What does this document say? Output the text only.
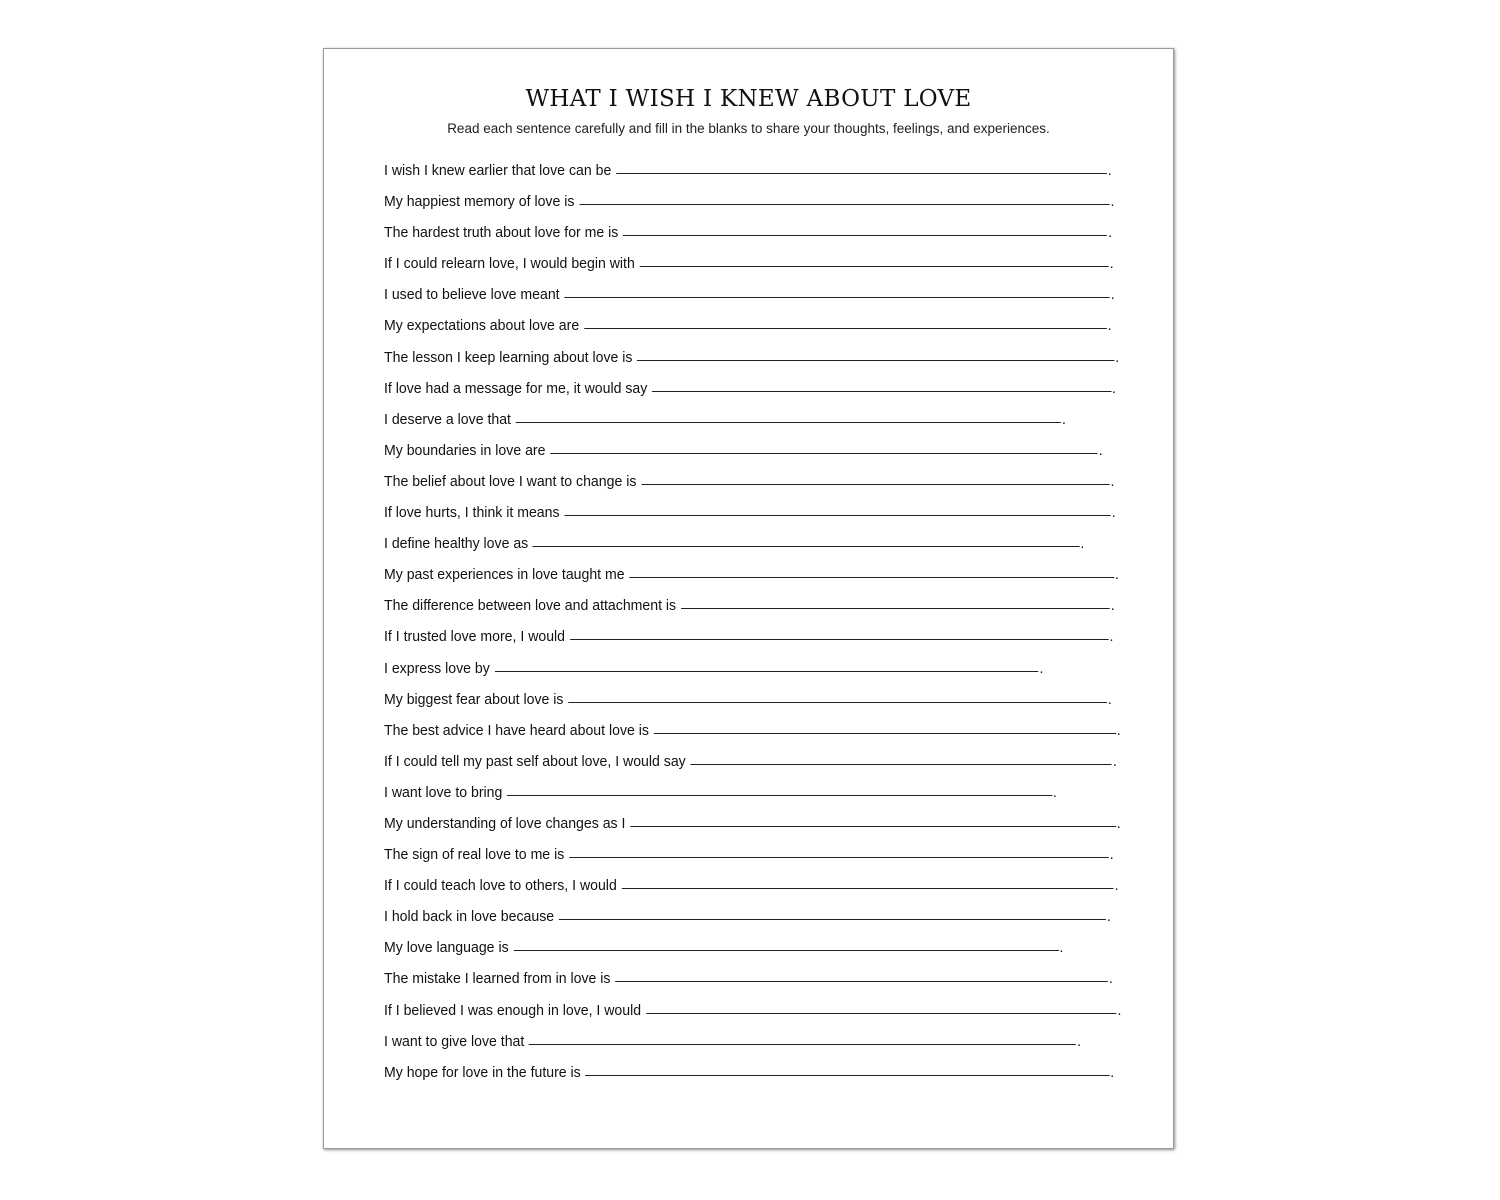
WHAT I WISH I KNEW ABOUT LOVE

Read each sentence carefully and fill in the blanks to share your thoughts, feelings, and experiences.

I wish I knew earlier that love can be	.
My happiest memory of love is	.
The hardest truth about love for me is	.
If I could relearn love, I would begin with	.
I used to believe love meant	.
My expectations about love are	.
The lesson I keep learning about love is	.
If love had a message for me, it would say	.
I deserve a love that	.
My boundaries in love are	.
The belief about love I want to change is	.
If love hurts, I think it means	.
I define healthy love as	.
My past experiences in love taught me	.
The difference between love and attachment is	.
If I trusted love more, I would	.
I express love by	.
My biggest fear about love is	.
The best advice I have heard about love is	.
If I could tell my past self about love, I would say	.
I want love to bring	.
My understanding of love changes as I	.
The sign of real love to me is	.
If I could teach love to others, I would	.
I hold back in love because	.
My love language is	.
The mistake I learned from in love is	.
If I believed I was enough in love, I would	.
I want to give love that	.
My hope for love in the future is	.
